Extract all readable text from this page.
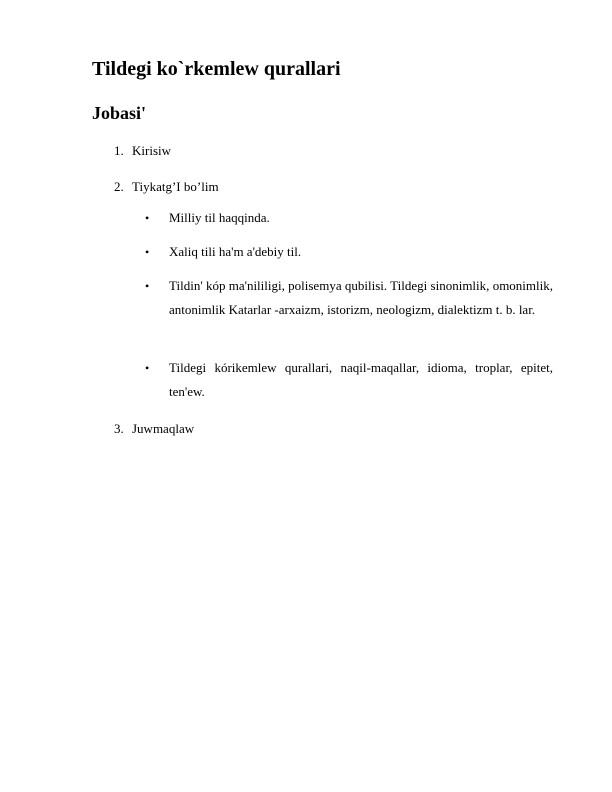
Tildegi ko`rkemlew qurallari
Jobasi'
1. Kirisiw
2. Tiykatg’I bo’lim
• Milliy til haqqinda.
• Xaliq tili ha'm a'debiy til.
• Tildin' kóp ma'nililigi, polisemya qubilisi. Tildegi sinonimlik, omonimlik, antonimlik Katarlar -arxaizm, istorizm, neologizm, dialektizm t. b. lar.
• Tildegi kórikemlew qurallari, naqil-maqallar, idioma, troplar, epitet, ten'ew.
3. Juwmaqlaw
